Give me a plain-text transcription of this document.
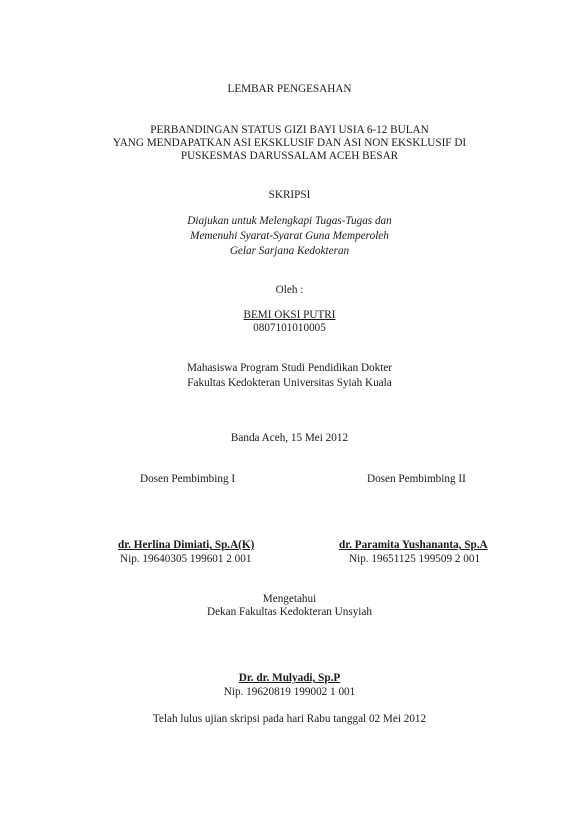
LEMBAR PENGESAHAN
PERBANDINGAN STATUS GIZI BAYI USIA 6-12 BULAN
YANG MENDAPATKAN ASI EKSKLUSIF DAN ASI NON EKSKLUSIF DI
PUSKESMAS DARUSSALAM ACEH BESAR
SKRIPSI
Diajukan untuk Melengkapi Tugas-Tugas dan
Memenuhi Syarat-Syarat Guna Memperoleh
Gelar Sarjana Kedokteran
Oleh :
BEMI OKSI PUTRI
0807101010005
Mahasiswa Program Studi Pendidikan Dokter
Fakultas Kedokteran Universitas Syiah Kuala
Banda Aceh, 15 Mei 2012
Dosen Pembimbing I	Dosen Pembimbing II
dr. Herlina Dimiati, Sp.A(K)
Nip. 19640305 199601 2 001
dr. Paramita Yushananta, Sp.A
Nip. 19651125 199509 2 001
Mengetahui
Dekan Fakultas Kedokteran Unsyiah
Dr. dr. Mulyadi, Sp.P
Nip. 19620819 199002 1 001
Telah lulus ujian skripsi pada hari Rabu tanggal 02 Mei 2012
